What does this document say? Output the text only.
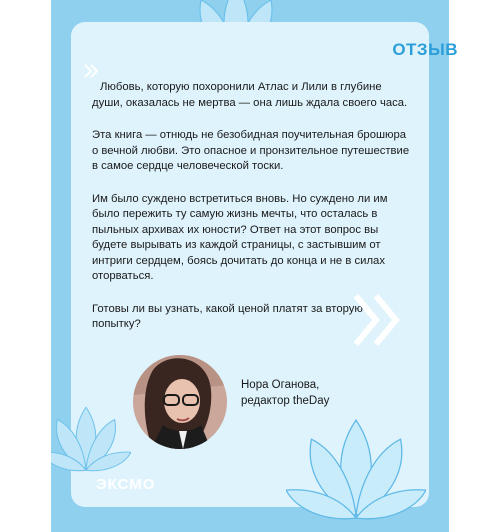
ОТЗЫВ

Любовь, которую похоронили Атлас и Лили в глубине души, оказалась не мертва — она лишь ждала своего часа.

Эта книга — отнюдь не безобидная поучительная брошюра о вечной любви. Это опасное и пронзительное путешествие в самое сердце человеческой тоски.

Им было суждено встретиться вновь. Но суждено ли им было пережить ту самую жизнь мечты, что осталась в пыльных архивах их юности? Ответ на этот вопрос вы будете вырывать из каждой страницы, с застывшим от интриги сердцем, боясь дочитать до конца и не в силах оторваться.

Готовы ли вы узнать, какой ценой платят за вторую попытку?

Нора Оганова,
редактор theDay
ЭКСМО
